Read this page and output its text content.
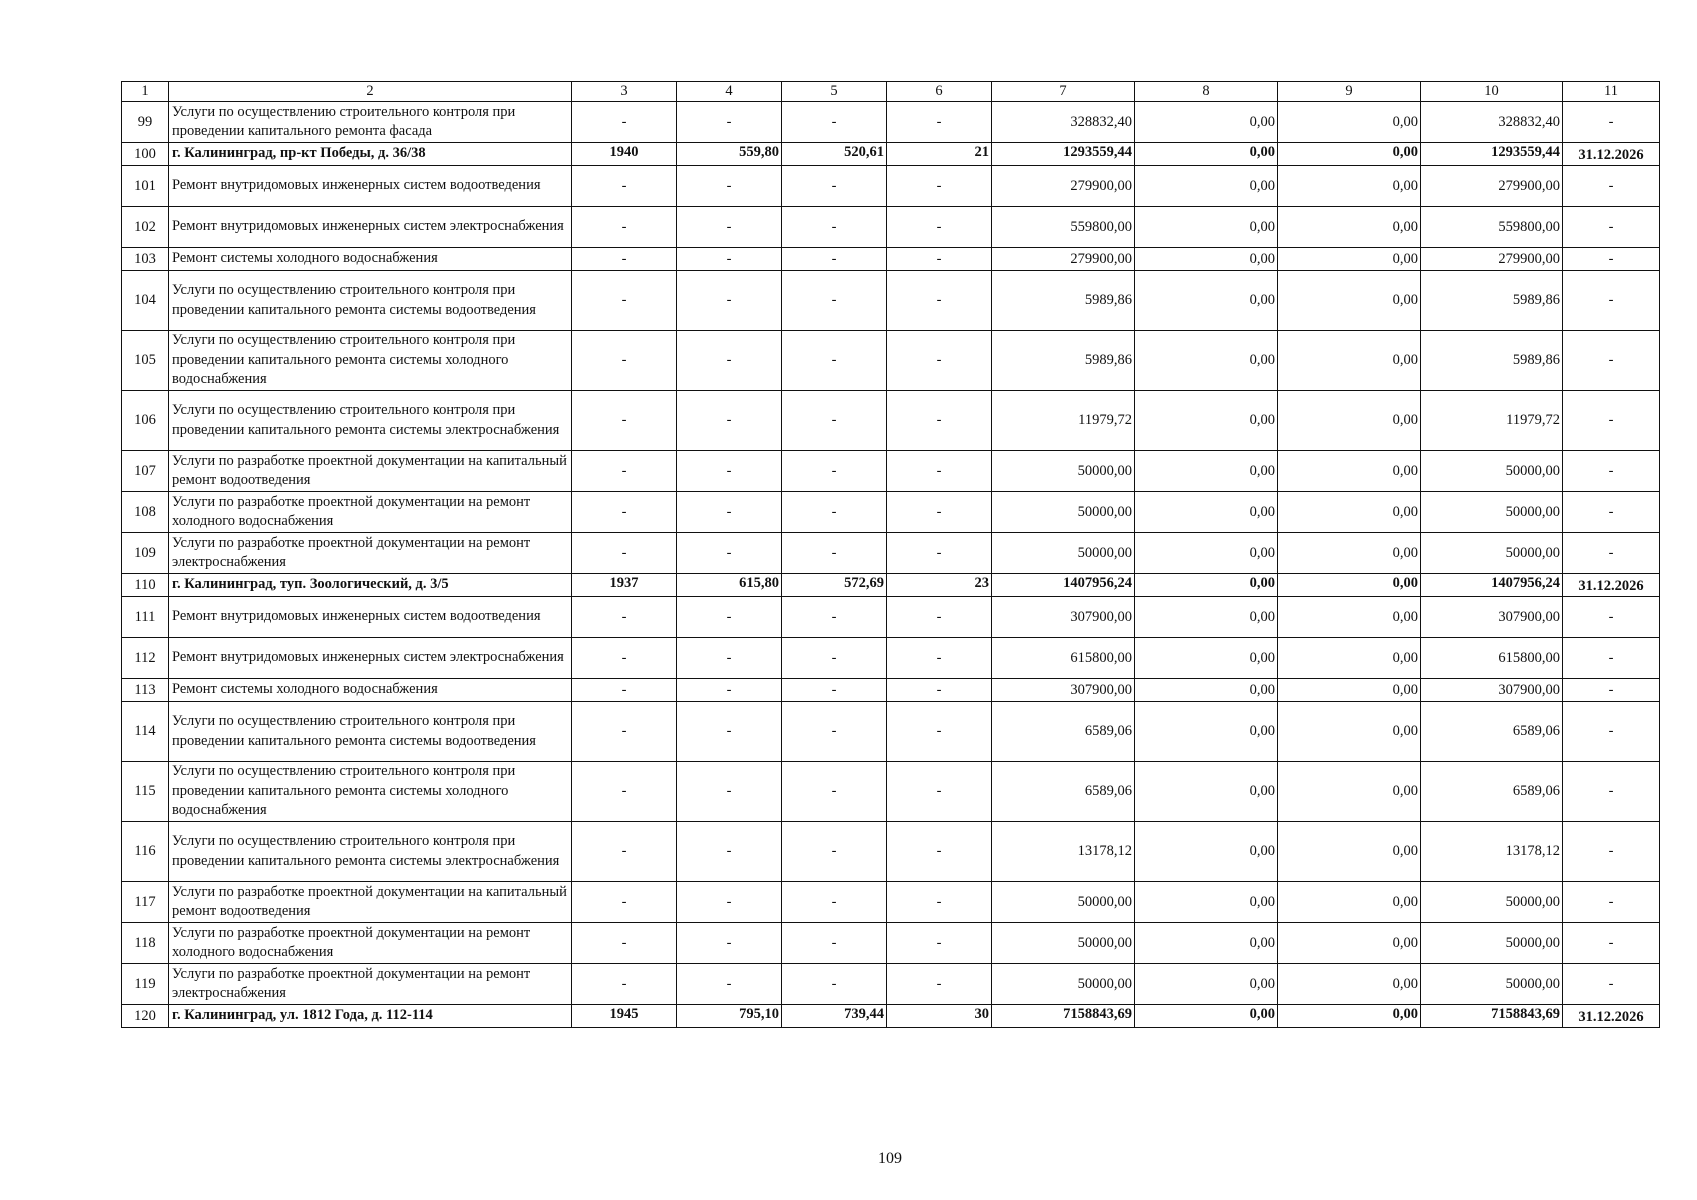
1	2	3	4	5	6	7	8	9	10	11
99	Услуги по осуществлению строительного контроля при проведении капитального ремонта фасада	-	-	-	-	328832,40	0,00	0,00	328832,40	-
100	г. Калининград, пр-кт Победы, д. 36/38	1940	559,80	520,61	21	1293559,44	0,00	0,00	1293559,44	31.12.2026
101	Ремонт внутридомовых инженерных систем водоотведения	-	-	-	-	279900,00	0,00	0,00	279900,00	-
102	Ремонт внутридомовых инженерных систем электроснабжения	-	-	-	-	559800,00	0,00	0,00	559800,00	-
103	Ремонт системы холодного водоснабжения	-	-	-	-	279900,00	0,00	0,00	279900,00	-
104	Услуги по осуществлению строительного контроля при проведении капитального ремонта системы водоотведения	-	-	-	-	5989,86	0,00	0,00	5989,86	-
105	Услуги по осуществлению строительного контроля при проведении капитального ремонта системы холодного водоснабжения	-	-	-	-	5989,86	0,00	0,00	5989,86	-
106	Услуги по осуществлению строительного контроля при проведении капитального ремонта системы электроснабжения	-	-	-	-	11979,72	0,00	0,00	11979,72	-
107	Услуги по разработке проектной документации на капитальный ремонт водоотведения	-	-	-	-	50000,00	0,00	0,00	50000,00	-
108	Услуги по разработке проектной документации на ремонт холодного водоснабжения	-	-	-	-	50000,00	0,00	0,00	50000,00	-
109	Услуги по разработке проектной документации на ремонт электроснабжения	-	-	-	-	50000,00	0,00	0,00	50000,00	-
110	г. Калининград, туп. Зоологический, д. 3/5	1937	615,80	572,69	23	1407956,24	0,00	0,00	1407956,24	31.12.2026
111	Ремонт внутридомовых инженерных систем водоотведения	-	-	-	-	307900,00	0,00	0,00	307900,00	-
112	Ремонт внутридомовых инженерных систем электроснабжения	-	-	-	-	615800,00	0,00	0,00	615800,00	-
113	Ремонт системы холодного водоснабжения	-	-	-	-	307900,00	0,00	0,00	307900,00	-
114	Услуги по осуществлению строительного контроля при проведении капитального ремонта системы водоотведения	-	-	-	-	6589,06	0,00	0,00	6589,06	-
115	Услуги по осуществлению строительного контроля при проведении капитального ремонта системы холодного водоснабжения	-	-	-	-	6589,06	0,00	0,00	6589,06	-
116	Услуги по осуществлению строительного контроля при проведении капитального ремонта системы электроснабжения	-	-	-	-	13178,12	0,00	0,00	13178,12	-
117	Услуги по разработке проектной документации на капитальный ремонт водоотведения	-	-	-	-	50000,00	0,00	0,00	50000,00	-
118	Услуги по разработке проектной документации на ремонт холодного водоснабжения	-	-	-	-	50000,00	0,00	0,00	50000,00	-
119	Услуги по разработке проектной документации на ремонт электроснабжения	-	-	-	-	50000,00	0,00	0,00	50000,00	-
120	г. Калининград, ул. 1812 Года, д. 112-114	1945	795,10	739,44	30	7158843,69	0,00	0,00	7158843,69	31.12.2026
109
